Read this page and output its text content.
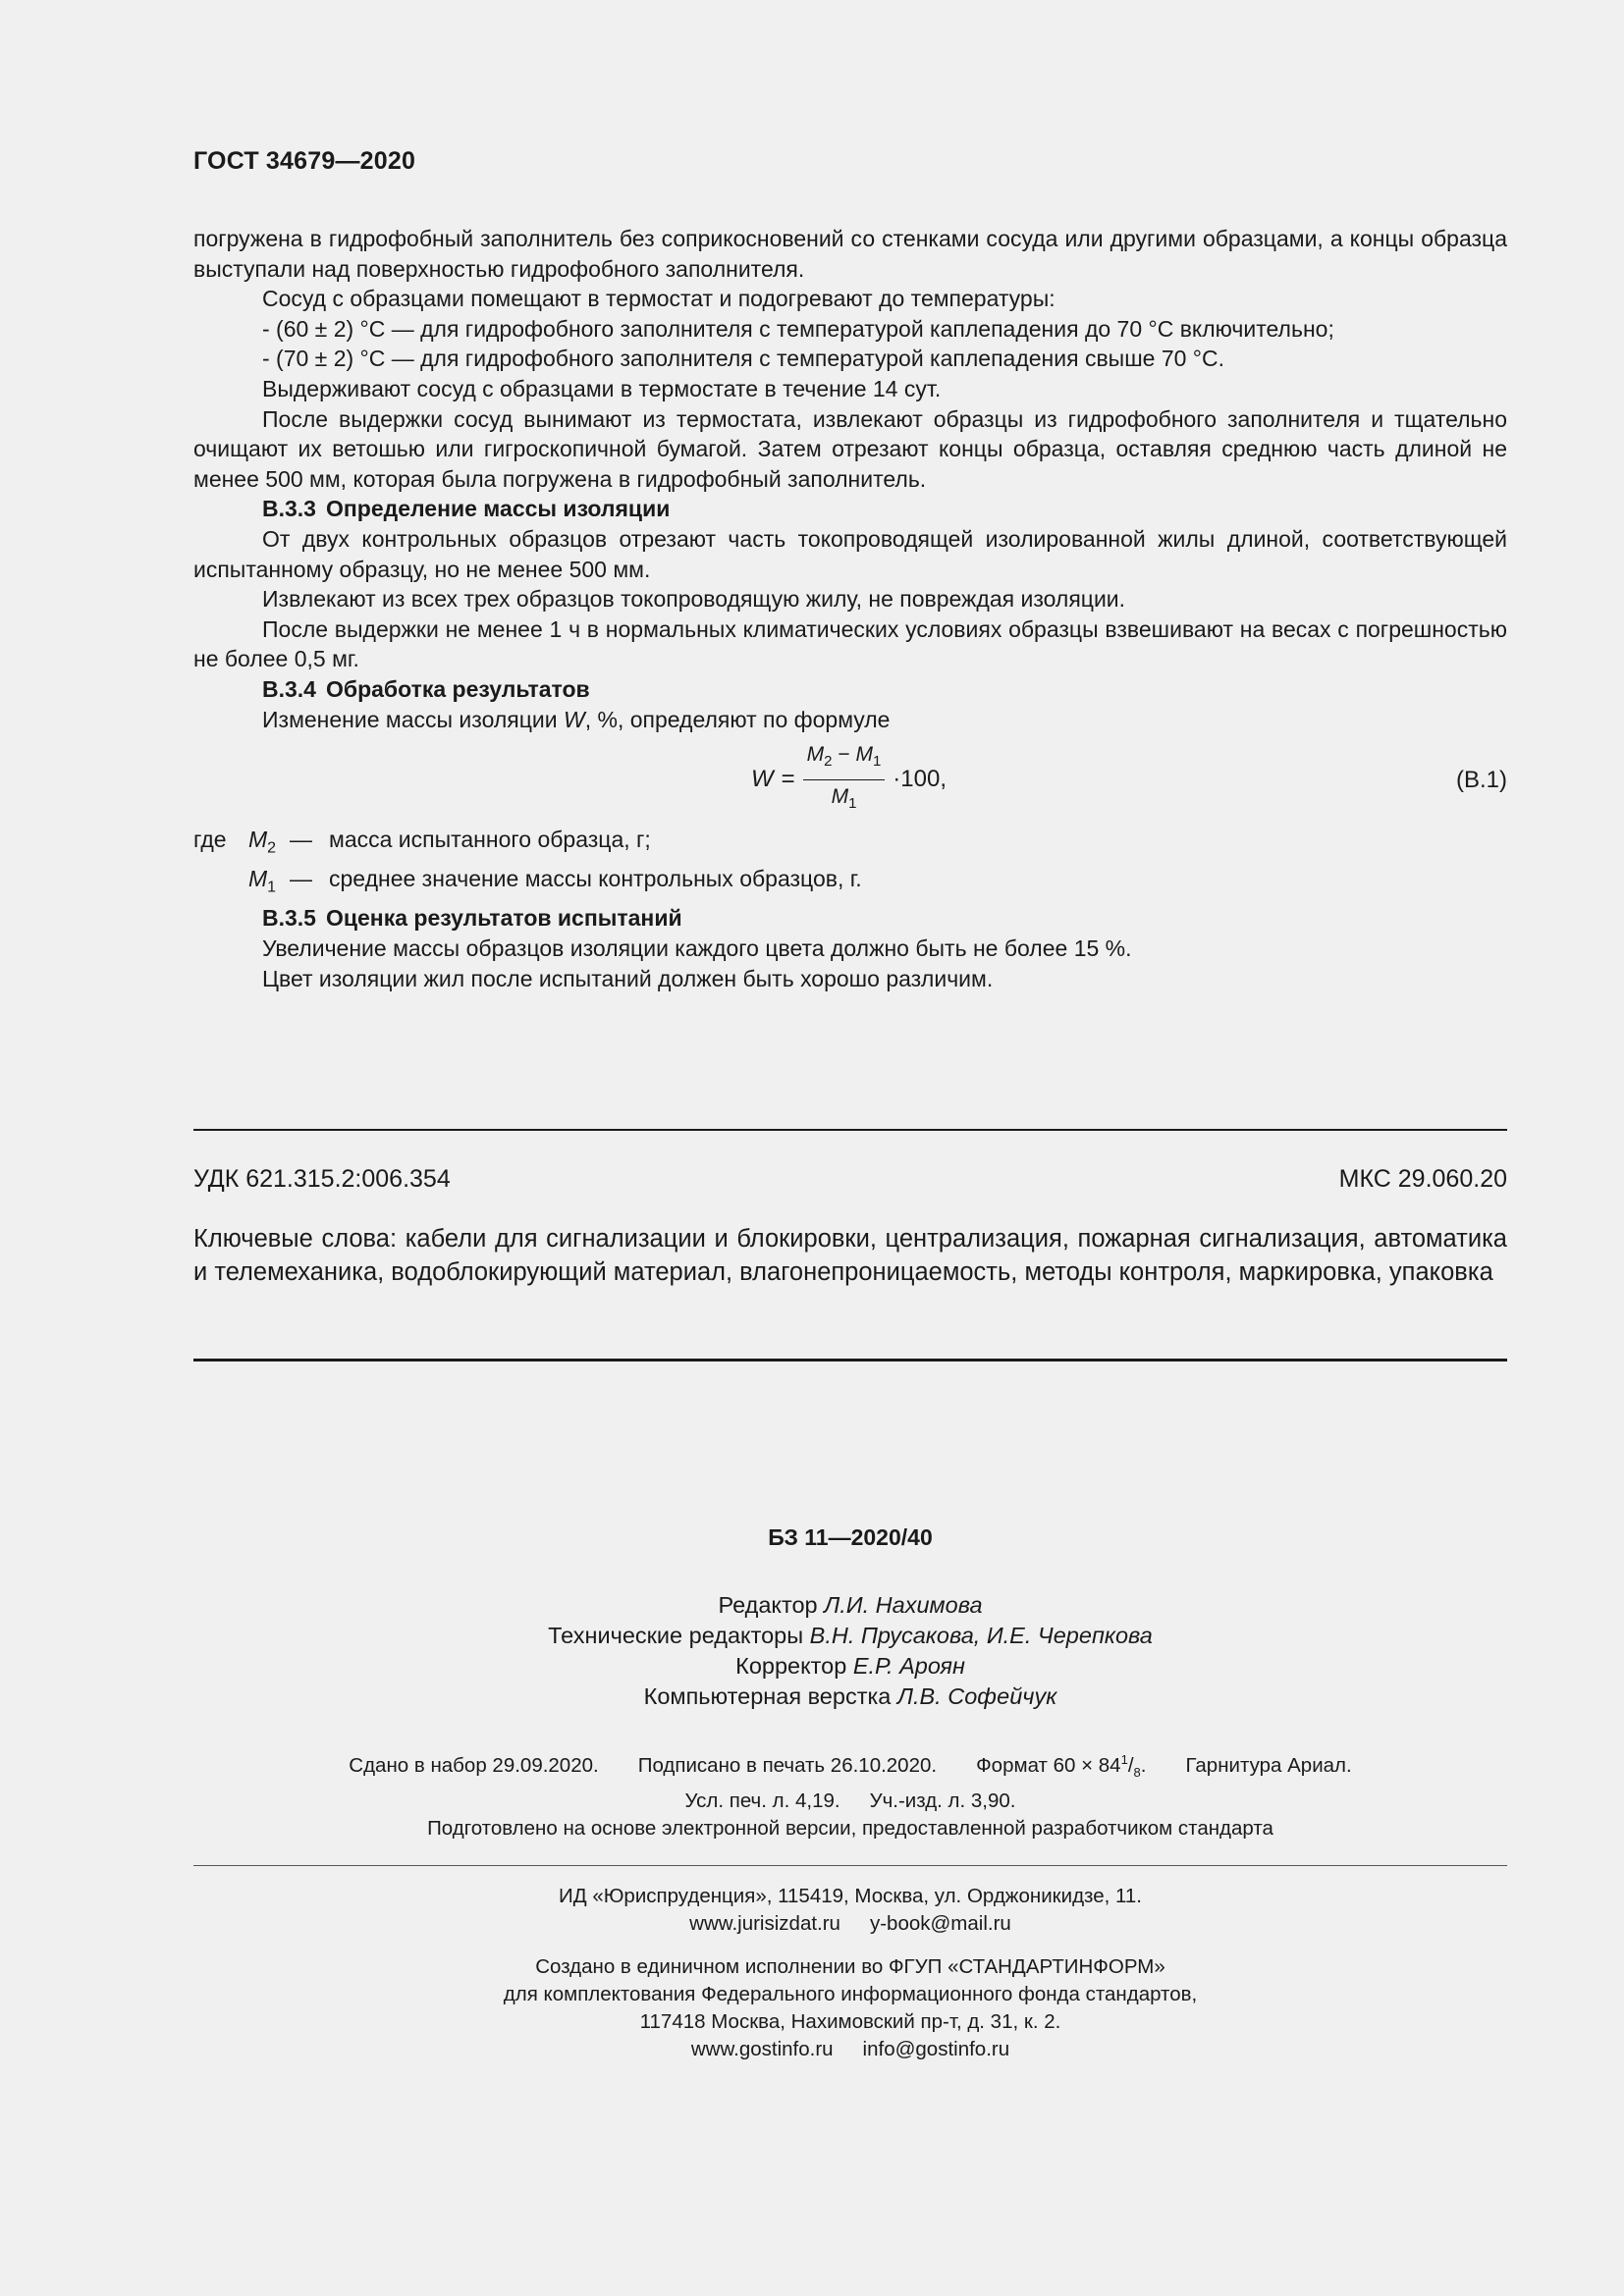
ГОСТ 34679—2020

погружена в гидрофобный заполнитель без соприкосновений со стенками сосуда или другими образцами, а концы образца выступали над поверхностью гидрофобного заполнителя.

Сосуд с образцами помещают в термостат и подогревают до температуры:

- (60 ± 2) °С — для гидрофобного заполнителя с температурой каплепадения до 70 °С включительно;

- (70 ± 2) °С — для гидрофобного заполнителя с температурой каплепадения свыше 70 °С.

Выдерживают сосуд с образцами в термостате в течение 14 сут.

После выдержки сосуд вынимают из термостата, извлекают образцы из гидрофобного заполнителя и тщательно очищают их ветошью или гигроскопичной бумагой. Затем отрезают концы образца, оставляя среднюю часть длиной не менее 500 мм, которая была погружена в гидрофобный заполнитель.

В.3.3 Определение массы изоляции

От двух контрольных образцов отрезают часть токопроводящей изолированной жилы длиной, соответствующей испытанному образцу, но не менее 500 мм.

Извлекают из всех трех образцов токопроводящую жилу, не повреждая изоляции.

После выдержки не менее 1 ч в нормальных климатических условиях образцы взвешивают на весах с погрешностью не более 0,5 мг.

В.3.4 Обработка результатов

Изменение массы изоляции W, %, определяют по формуле

$W = \frac{M_2 - M_1}{M_1} \cdot 100$,	(В.1)
где $M_2$ — масса испытанного образца, г;
$M_1$ — среднее значение массы контрольных образцов, г.

В.3.5 Оценка результатов испытаний

Увеличение массы образцов изоляции каждого цвета должно быть не более 15 %.

Цвет изоляции жил после испытаний должен быть хорошо различим.

УДК 621.315.2:006.354	МКС 29.060.20
Ключевые слова: кабели для сигнализации и блокировки, централизация, пожарная сигнализация, автоматика и телемеханика, водоблокирующий материал, влагонепроницаемость, методы контроля, маркировка, упаковка
БЗ 11—2020/40
Редактор Л.И. Нахимова
Технические редакторы В.Н. Прусакова, И.Е. Черепкова
Корректор Е.Р. Ароян
Компьютерная верстка Л.В. Софейчук
Сдано в набор 29.09.2020. Подписано в печать 26.10.2020. Формат $60 \times 84^1/_8$. Гарнитура Ариал.
Усл. печ. л. 4,19. Уч.-изд. л. 3,90.
Подготовлено на основе электронной версии, предоставленной разработчиком стандарта
ИД «Юриспруденция», 115419, Москва, ул. Орджоникидзе, 11.
www.jurisizdat.ru y-book@mail.ru
Создано в единичном исполнении во ФГУП «СТАНДАРТИНФОРМ»
для комплектования Федерального информационного фонда стандартов,
117418 Москва, Нахимовский пр-т, д. 31, к. 2.
www.gostinfo.ru info@gostinfo.ru
